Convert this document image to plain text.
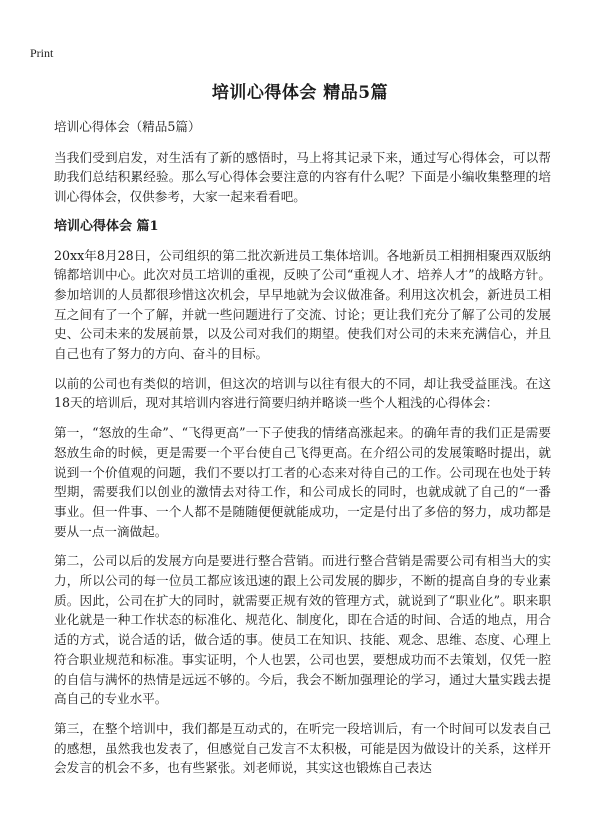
Print
培训心得体会 精品5篇

培训心得体会（精品5篇）

当我们受到启发，对生活有了新的感悟时，马上将其记录下来，通过写心得体会，可以帮助我们总结积累经验。那么写心得体会要注意的内容有什么呢？下面是小编收集整理的培训心得体会，仅供参考，大家一起来看看吧。

培训心得体会 篇1

20xx年8月28日，公司组织的第二批次新进员工集体培训。各地新员工相拥相聚西双版纳锦都培训中心。此次对员工培训的重视，反映了公司“重视人才、培养人才”的战略方针。参加培训的人员都很珍惜这次机会，早早地就为会议做准备。利用这次机会，新进员工相互之间有了一个了解，并就一些问题进行了交流、讨论；更让我们充分了解了公司的发展史、公司未来的发展前景，以及公司对我们的期望。使我们对公司的未来充满信心，并且自己也有了努力的方向、奋斗的目标。

以前的公司也有类似的培训，但这次的培训与以往有很大的不同，却让我受益匪浅。在这18天的培训后，现对其培训内容进行简要归纳并略谈一些个人粗浅的心得体会：

第一，“怒放的生命”、“飞得更高”一下子使我的情绪高涨起来。的确年青的我们正是需要怒放生命的时候，更是需要一个平台使自己飞得更高。在介绍公司的发展策略时提出，就说到一个价值观的问题，我们不要以打工者的心态来对待自己的工作。公司现在也处于转型期，需要我们以创业的激情去对待工作，和公司成长的同时，也就成就了自己的“一番事业。但一件事、一个人都不是随随便便就能成功，一定是付出了多倍的努力，成功都是要从一点一滴做起。

第二，公司以后的发展方向是要进行整合营销。而进行整合营销是需要公司有相当大的实力，所以公司的每一位员工都应该迅速的跟上公司发展的脚步，不断的提高自身的专业素质。因此，公司在扩大的同时，就需要正规有效的管理方式，就说到了“职业化”。职来职业化就是一种工作状态的标准化、规范化、制度化，即在合适的时间、合适的地点，用合适的方式，说合适的话，做合适的事。使员工在知识、技能、观念、思维、态度、心理上符合职业规范和标准。事实证明，个人也罢，公司也罢，要想成功而不去策划，仅凭一腔的自信与满怀的热情是远远不够的。今后，我会不断加强理论的学习，通过大量实践去提高自己的专业水平。

第三，在整个培训中，我们都是互动式的，在听完一段培训后，有一个时间可以发表自己的感想，虽然我也发表了，但感觉自己发言不太积极，可能是因为做设计的关系，这样开会发言的机会不多，也有些紧张。刘老师说，其实这也锻炼自己表达
